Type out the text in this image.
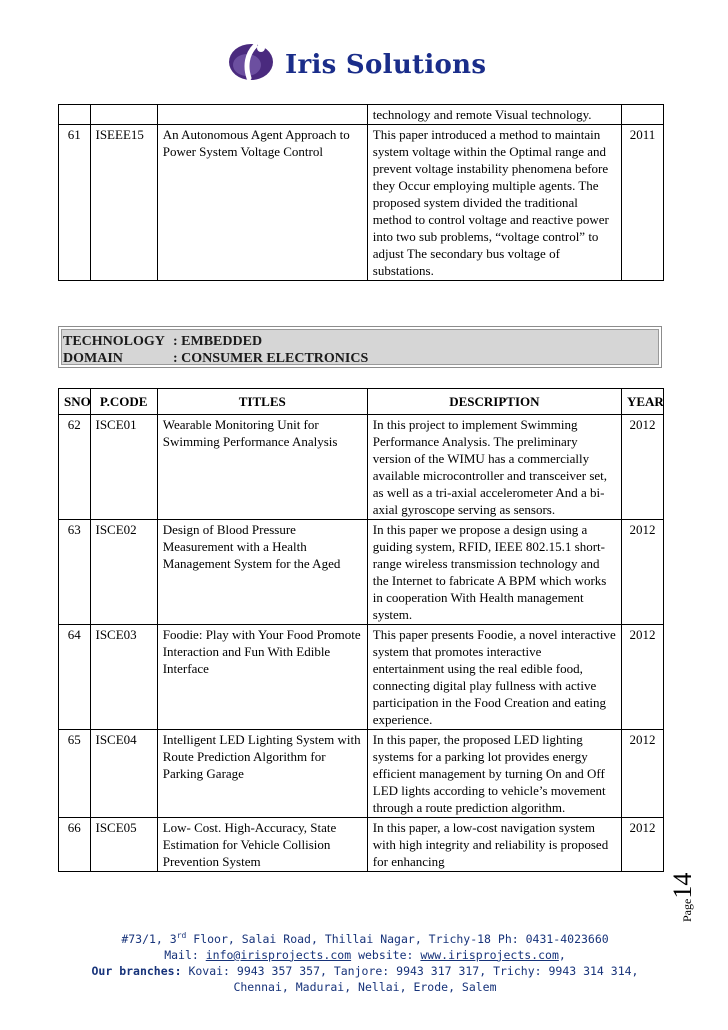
Iris Solutions
			technology and remote Visual technology.	
61	ISEEE15	An Autonomous Agent Approach to Power System Voltage Control	This paper introduced a method to maintain system voltage within the Optimal range and prevent voltage instability phenomena before they Occur employing multiple agents. The proposed system divided the traditional method to control voltage and reactive power into two sub problems, “voltage control” to adjust The secondary bus voltage of substations.	2011
TECHNOLOGY : EMBEDDED
DOMAIN	: CONSUMER ELECTRONICS
SNO	P.CODE	TITLES	DESCRIPTION	YEAR
62	ISCE01	Wearable Monitoring Unit for Swimming Performance Analysis	In this project to implement Swimming Performance Analysis. The preliminary version of the WIMU has a commercially available microcontroller and transceiver set, as well as a tri-axial accelerometer And a bi-axial gyroscope serving as sensors.	2012
63	ISCE02	Design of Blood Pressure Measurement with a Health Management System for the Aged	In this paper we propose a design using a guiding system, RFID, IEEE 802.15.1 short-range wireless transmission technology and the Internet to fabricate A BPM which works in cooperation With Health management system.	2012
64	ISCE03	Foodie: Play with Your Food Promote Interaction and Fun With Edible Interface	This paper presents Foodie, a novel interactive system that promotes interactive entertainment using the real edible food, connecting digital play fullness with active participation in the Food Creation and eating experience.	2012
65	ISCE04	Intelligent LED Lighting System with Route Prediction Algorithm for Parking Garage	In this paper, the proposed LED lighting systems for a parking lot provides energy efficient management by turning On and Off LED lights according to vehicle’s movement through a route prediction algorithm.	2012
66	ISCE05	Low- Cost. High-Accuracy, State Estimation for Vehicle Collision Prevention System	In this paper, a low-cost navigation system with high integrity and reliability is proposed for enhancing	2012
Page14
#73/1, 3rd Floor, Salai Road, Thillai Nagar, Trichy-18 Ph: 0431-4023660
Mail: info@irisprojects.com website: www.irisprojects.com,
Our branches: Kovai: 9943 357 357, Tanjore: 9943 317 317, Trichy: 9943 314 314,
Chennai, Madurai, Nellai, Erode, Salem
